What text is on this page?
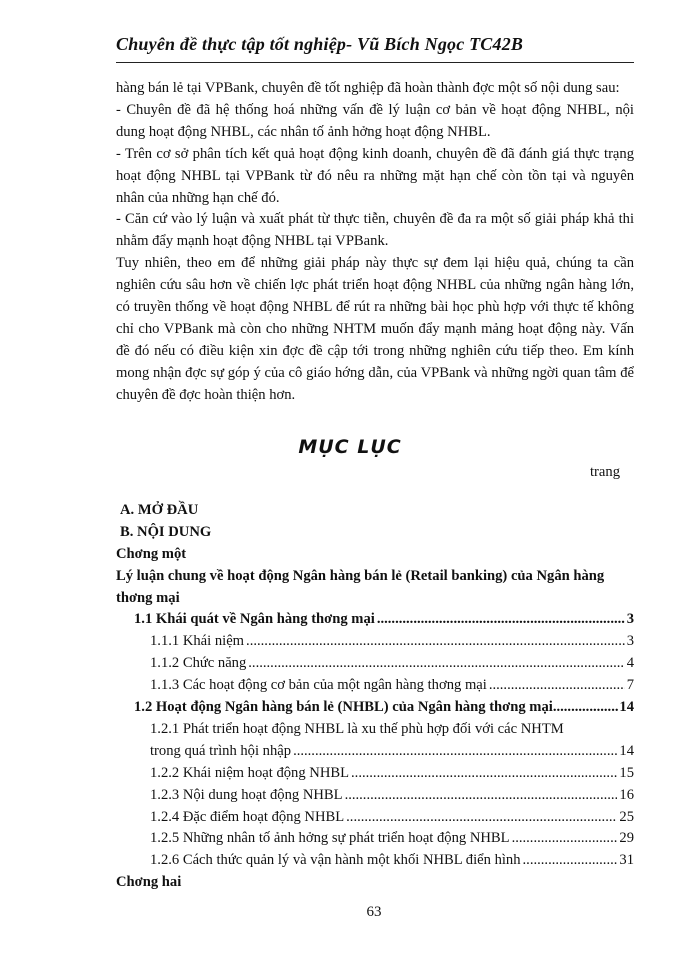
Chuyên đề thực tập tốt nghiệp- Vũ Bích Ngọc TC42B

hàng bán lẻ tại VPBank, chuyên đề tốt nghiệp đã hoàn thành đợc một số nội dung sau:

- Chuyên đề đã hệ thống hoá những vấn đề lý luận cơ bản về hoạt động NHBL, nội dung hoạt động NHBL, các nhân tố ảnh hởng hoạt động NHBL.

- Trên cơ sở phân tích kết quả hoạt động kinh doanh, chuyên đề đã đánh giá thực trạng hoạt động NHBL tại VPBank từ đó nêu ra những mặt hạn chế còn tồn tại và nguyên nhân của những hạn chế đó.

- Căn cứ vào lý luận và xuất phát từ thực tiễn, chuyên đề đa ra một số giải pháp khả thi nhằm đẩy mạnh hoạt động NHBL tại VPBank.

Tuy nhiên, theo em để những giải pháp này thực sự đem lại hiệu quả, chúng ta cần nghiên cứu sâu hơn về chiến lợc phát triển hoạt động NHBL của những ngân hàng lớn, có truyền thống về hoạt động NHBL để rút ra những bài học phù hợp với thực tế không chỉ cho VPBank mà còn cho những NHTM muốn đẩy mạnh mảng hoạt động này. Vấn đề đó nếu có điều kiện xin đợc đề cập tới trong những nghiên cứu tiếp theo. Em kính mong nhận đợc sự góp ý của cô giáo hớng dẫn, của VPBank và những ngời quan tâm để chuyên đề đợc hoàn thiện hơn.

MỤC LỤC
trang
A. MỞ ĐẦU
B. NỘI DUNG
Chơng một
Lý luận chung về hoạt động Ngân hàng bán lẻ (Retail banking) của Ngân hàng thơng mại
1.1 Khái quát về Ngân hàng thơng mại .....	3
1.1.1 Khái niệm .....	3
1.1.2 Chức năng .....	4
1.1.3 Các hoạt động cơ bản của một ngân hàng thơng mại .....	7
1.2 Hoạt động Ngân hàng bán lẻ (NHBL) của Ngân hàng thơng mại .....	14
1.2.1 Phát triển hoạt động NHBL là xu thế phù hợp đối với các NHTM
trong quá trình hội nhập .....	14
1.2.2 Khái niệm hoạt động NHBL .....	15
1.2.3 Nội dung hoạt động NHBL .....	16
1.2.4 Đặc điểm hoạt động NHBL .....	25
1.2.5 Những nhân tố ảnh hởng sự phát triển hoạt động NHBL .....	29
1.2.6 Cách thức quản lý và vận hành một khối NHBL điển hình .....	31
Chơng hai
63
